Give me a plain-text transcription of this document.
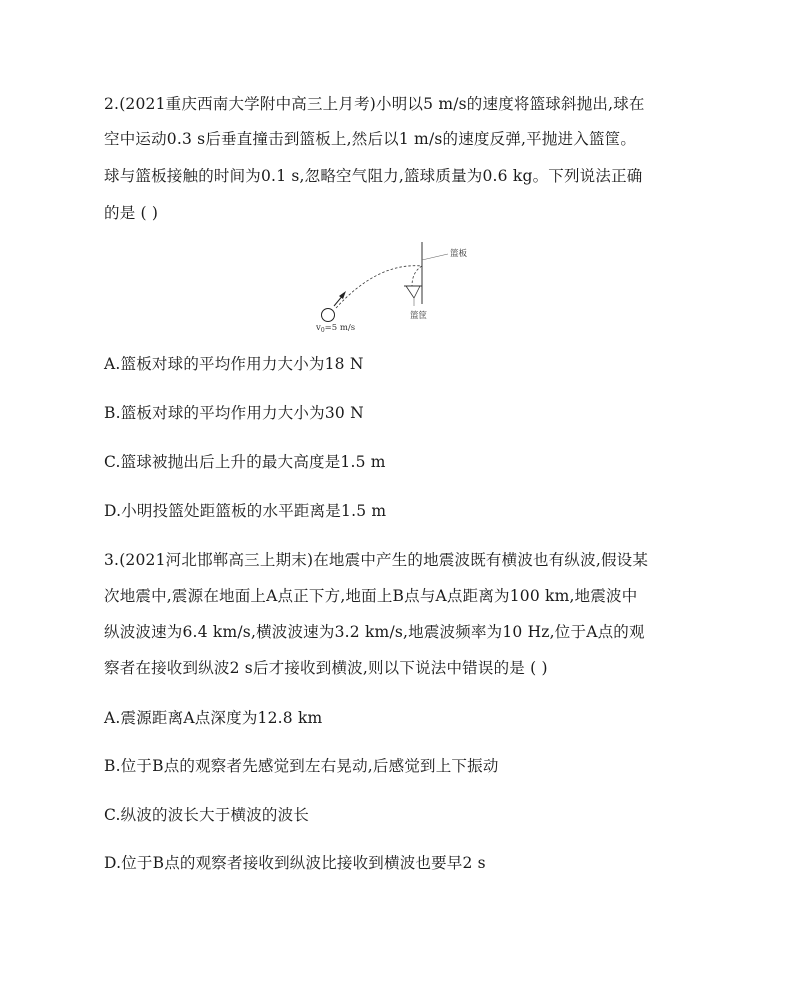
2.(2021重庆西南大学附中高三上月考)小明以5 m/s的速度将篮球斜抛出,球在
空中运动0.3 s后垂直撞击到篮板上,然后以1 m/s的速度反弹,平抛进入篮筐。
球与篮板接触的时间为0.1 s,忽略空气阻力,篮球质量为0.6 kg。下列说法正确
的是 ( )
篮板
篮筐
$v_0=5$ m/s
A.篮板对球的平均作用力大小为18 N
B.篮板对球的平均作用力大小为30 N
C.篮球被抛出后上升的最大高度是1.5 m
D.小明投篮处距篮板的水平距离是1.5 m
3.(2021河北邯郸高三上期末)在地震中产生的地震波既有横波也有纵波,假设某
次地震中,震源在地面上A点正下方,地面上B点与A点距离为100 km,地震波中
纵波波速为6.4 km/s,横波波速为3.2 km/s,地震波频率为10 Hz,位于A点的观
察者在接收到纵波2 s后才接收到横波,则以下说法中错误的是 ( )
A.震源距离A点深度为12.8 km
B.位于B点的观察者先感觉到左右晃动,后感觉到上下振动
C.纵波的波长大于横波的波长
D.位于B点的观察者接收到纵波比接收到横波也要早2 s
